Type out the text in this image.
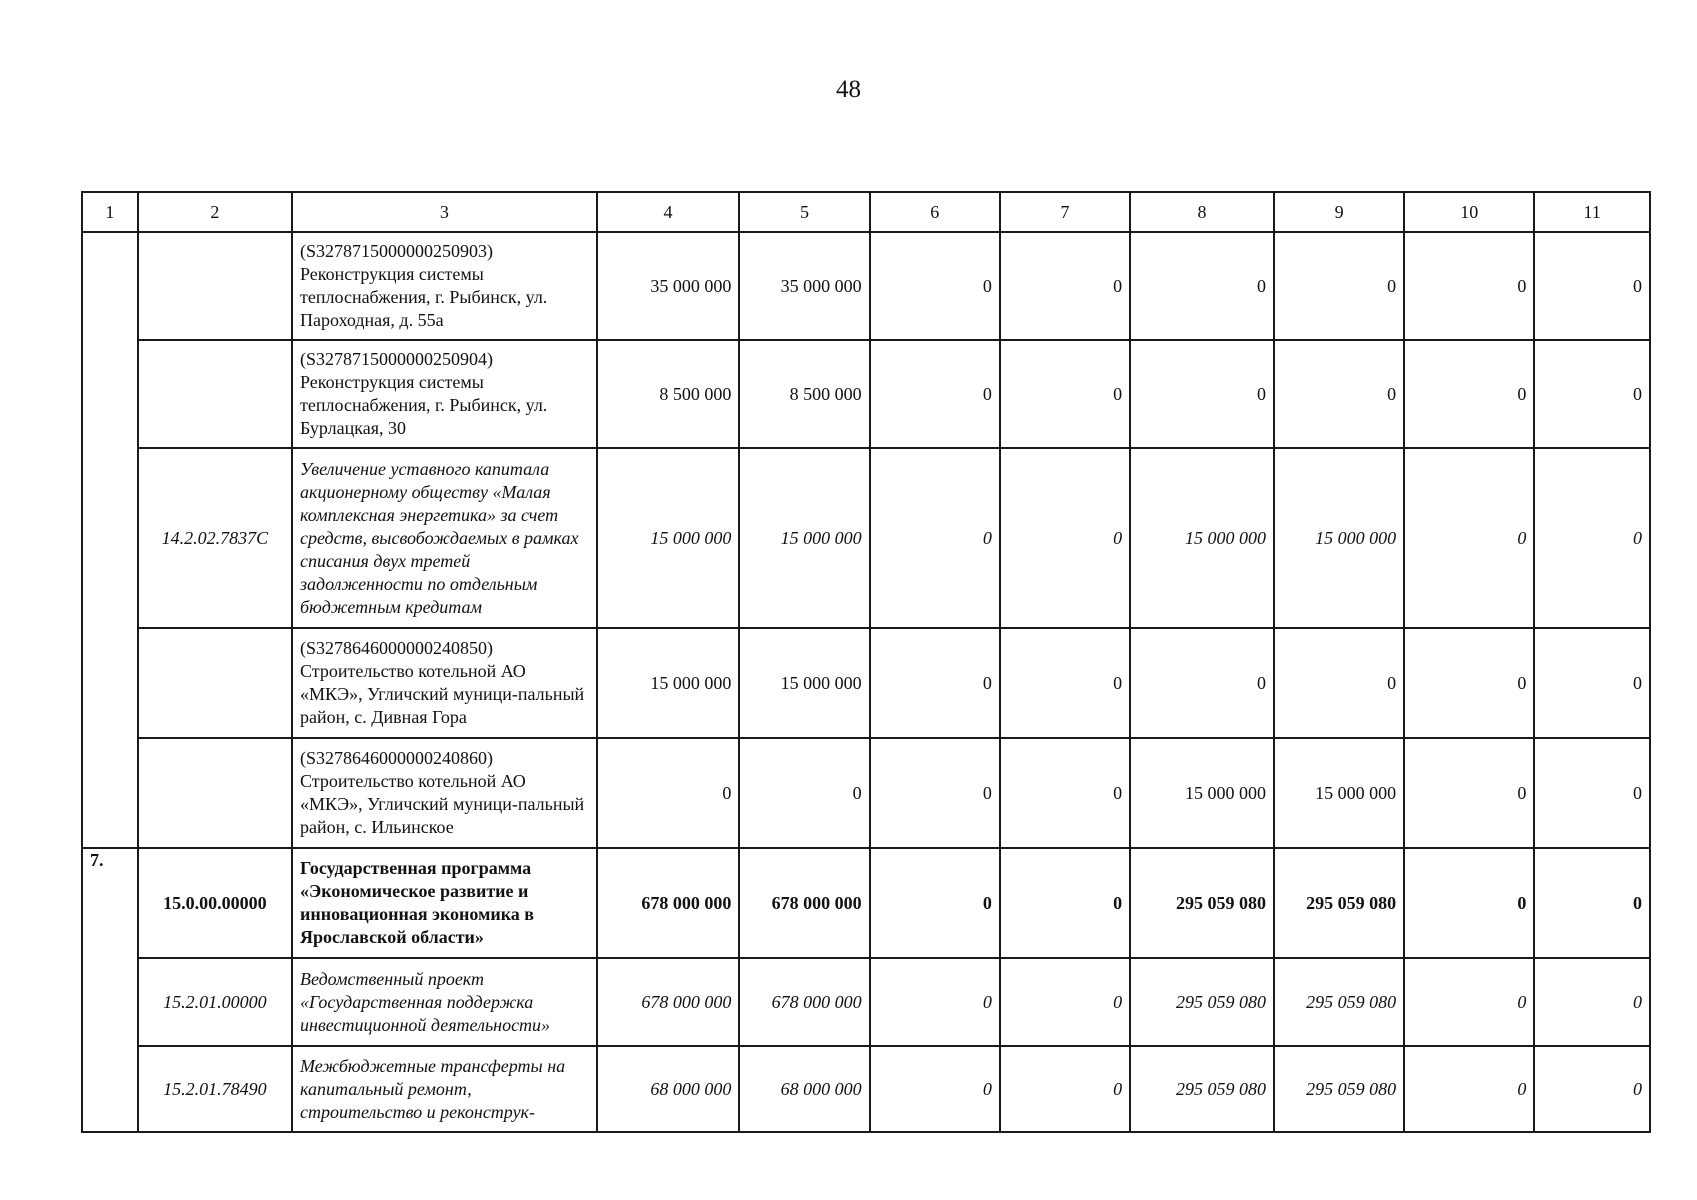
48
1	2	3	4	5	6	7	8	9	10	11
		(S3278715000000250903) Реконструкция системы теплоснабжения, г. Рыбинск, ул. Пароходная, д. 55а	35 000 000	35 000 000	0	0	0	0	0	0
		(S3278715000000250904) Реконструкция системы теплоснабжения, г. Рыбинск, ул. Бурлацкая, 30	8 500 000	8 500 000	0	0	0	0	0	0
	14.2.02.7837С	Увеличение уставного капитала акционерному обществу «Малая комплексная энергетика» за счет средств, высвобождаемых в рамках списания двух третей задолженности по отдельным бюджетным кредитам	15 000 000	15 000 000	0	0	15 000 000	15 000 000	0	0
		(S3278646000000240850) Строительство котельной АО «МКЭ», Угличский муници-пальный район, с. Дивная Гора	15 000 000	15 000 000	0	0	0	0	0	0
		(S3278646000000240860) Строительство котельной АО «МКЭ», Угличский муници-пальный район, с. Ильинское	0	0	0	0	15 000 000	15 000 000	0	0
7.	15.0.00.00000	Государственная программа «Экономическое развитие и инновационная экономика в Ярославской области»	678 000 000	678 000 000	0	0	295 059 080	295 059 080	0	0
	15.2.01.00000	Ведомственный проект «Государственная поддержка инвестиционной деятельности»	678 000 000	678 000 000	0	0	295 059 080	295 059 080	0	0
	15.2.01.78490	Межбюджетные трансферты на капитальный ремонт, строительство и реконструк-	68 000 000	68 000 000	0	0	295 059 080	295 059 080	0	0
